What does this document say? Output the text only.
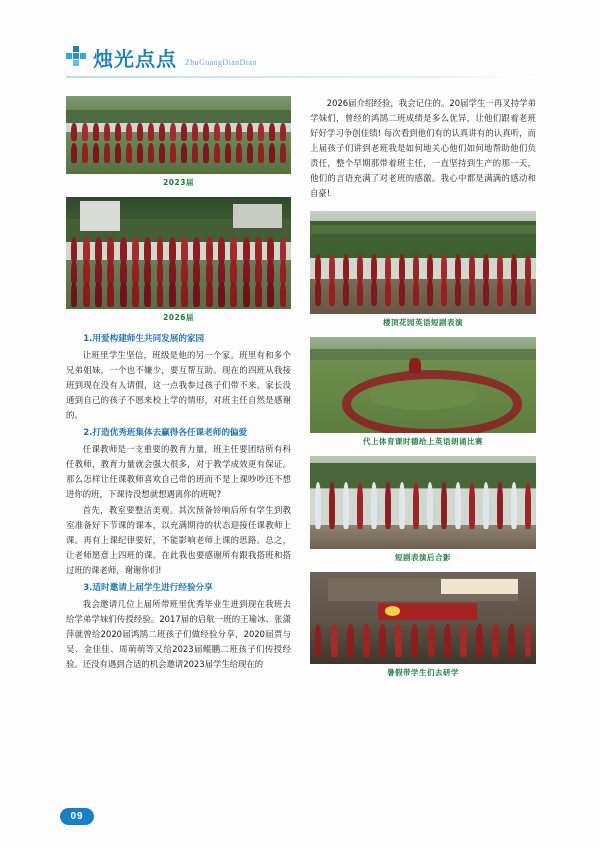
烛光点点 ZhuGuangDianDian
2023届
2026届
1.用爱构建师生共同发展的家园

让班里学生坚信，班级是他的另一个家。班里有和多个兄弟姐妹，一个也不嫌少，要互帮互助。现在的四班从我接班到现在没有人请假，这一点我参过孩子们带不来。家长没通到自己的孩子不愿来校上学的情形，对班主任自然是感谢的。

2.打造优秀班集体去赢得各任课老师的偏爱

任课教师是一支重要的教育力量，班主任要团结所有科任教师，教育力量就会强大很多，对于教学成效更有保证。那么怎样让任课教师喜欢自己带的班而不是上课吵吵还不想进你的班，下课待没想就想遇离你的班呢?

首先，教室要整洁美观。其次预备铃响后所有学生到教室准备好下节课的课本，以充满期待的状态迎接任课教师上课。再有上课纪律要好，不能影响老师上课的思路。总之，让老师愿意上四班的课。在此我也要感谢所有跟我搭班和搭过班的课老师，谢谢你们!

3.适时邀请上届学生进行经验分享

我会邀请几位上届所带班里优秀毕业生进到现在我班去给学弟学妹们传授经验。2017届的启航一班的王瑜冰、张潇萍就曾给2020届鸿鹄二班孩子们做经验分享，2020届贾与吴、金佳佳、周萌萌等又给2023届鲲鹏二班孩子们传授经验。还没有遇到合适的机会邀请2023届学生给现在的

2026届介绍经验，我会记住的。20届学生一再叉持学弟学妹们，曾经的鸿鹄二班成绩是多么优异，让他们跟着老班好好学习争创佳绩! 每次看到他们有的认真讲有的认真听，而上届孩子们讲到老班我是如何地关心他们如何地帮助他们负责任，整个早期那带着班主任，一直坚持到生产的那一天，他们的言语充满了对老班的感激。我心中都是满满的感动和自豪!

楼顶花园英语短剧表演
代上体育课时德给上英语朗诵比赛
短剧表演后合影
暑假带学生们去研学
09
